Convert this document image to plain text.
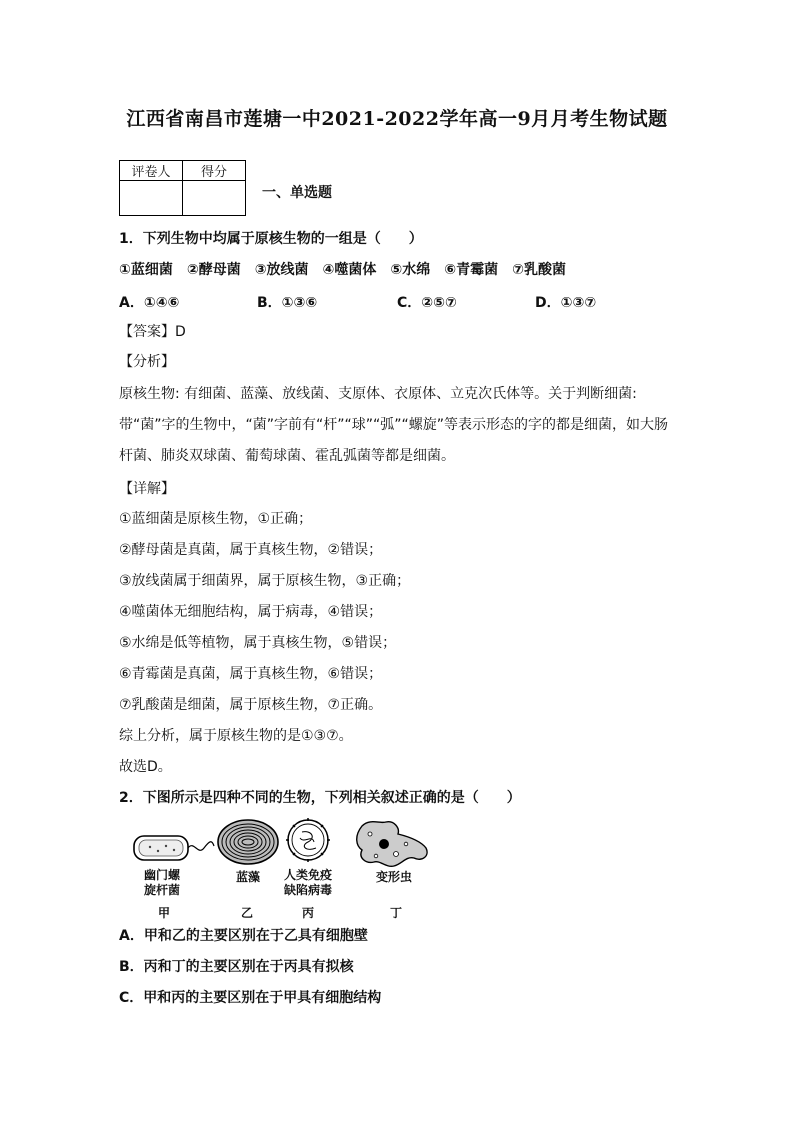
江西省南昌市莲塘一中2021-2022学年高一9月月考生物试题
评卷人	得分

一、单选题
1．下列生物中均属于原核生物的一组是（　　）
①蓝细菌　②酵母菌　③放线菌　④噬菌体　⑤水绵　⑥青霉菌　⑦乳酸菌
A．①④⑥	B．①③⑥	C．②⑤⑦	D．①③⑦
【答案】D
【分析】
原核生物: 有细菌、蓝藻、放线菌、支原体、衣原体、立克次氏体等。关于判断细菌: 带“菌”字的生物中，“菌”字前有“杆”“球”“弧”“螺旋”等表示形态的字的都是细菌，如大肠杆菌、肺炎双球菌、葡萄球菌、霍乱弧菌等都是细菌。
【详解】
①蓝细菌是原核生物，①正确；
②酵母菌是真菌，属于真核生物，②错误；
③放线菌属于细菌界，属于原核生物，③正确；
④噬菌体无细胞结构，属于病毒，④错误；
⑤水绵是低等植物，属于真核生物，⑤错误；
⑥青霉菌是真菌，属于真核生物，⑥错误；
⑦乳酸菌是细菌，属于原核生物，⑦正确。
综上分析，属于原核生物的是①③⑦。
故选D。
2．下图所示是四种不同的生物，下列相关叙述正确的是（　　）
幽门螺
旋杆菌
蓝藻	人类免疫
缺陷病毒
变形虫
甲	乙	丙	丁
A．甲和乙的主要区别在于乙具有细胞壁
B．丙和丁的主要区别在于丙具有拟核
C．甲和丙的主要区别在于甲具有细胞结构
